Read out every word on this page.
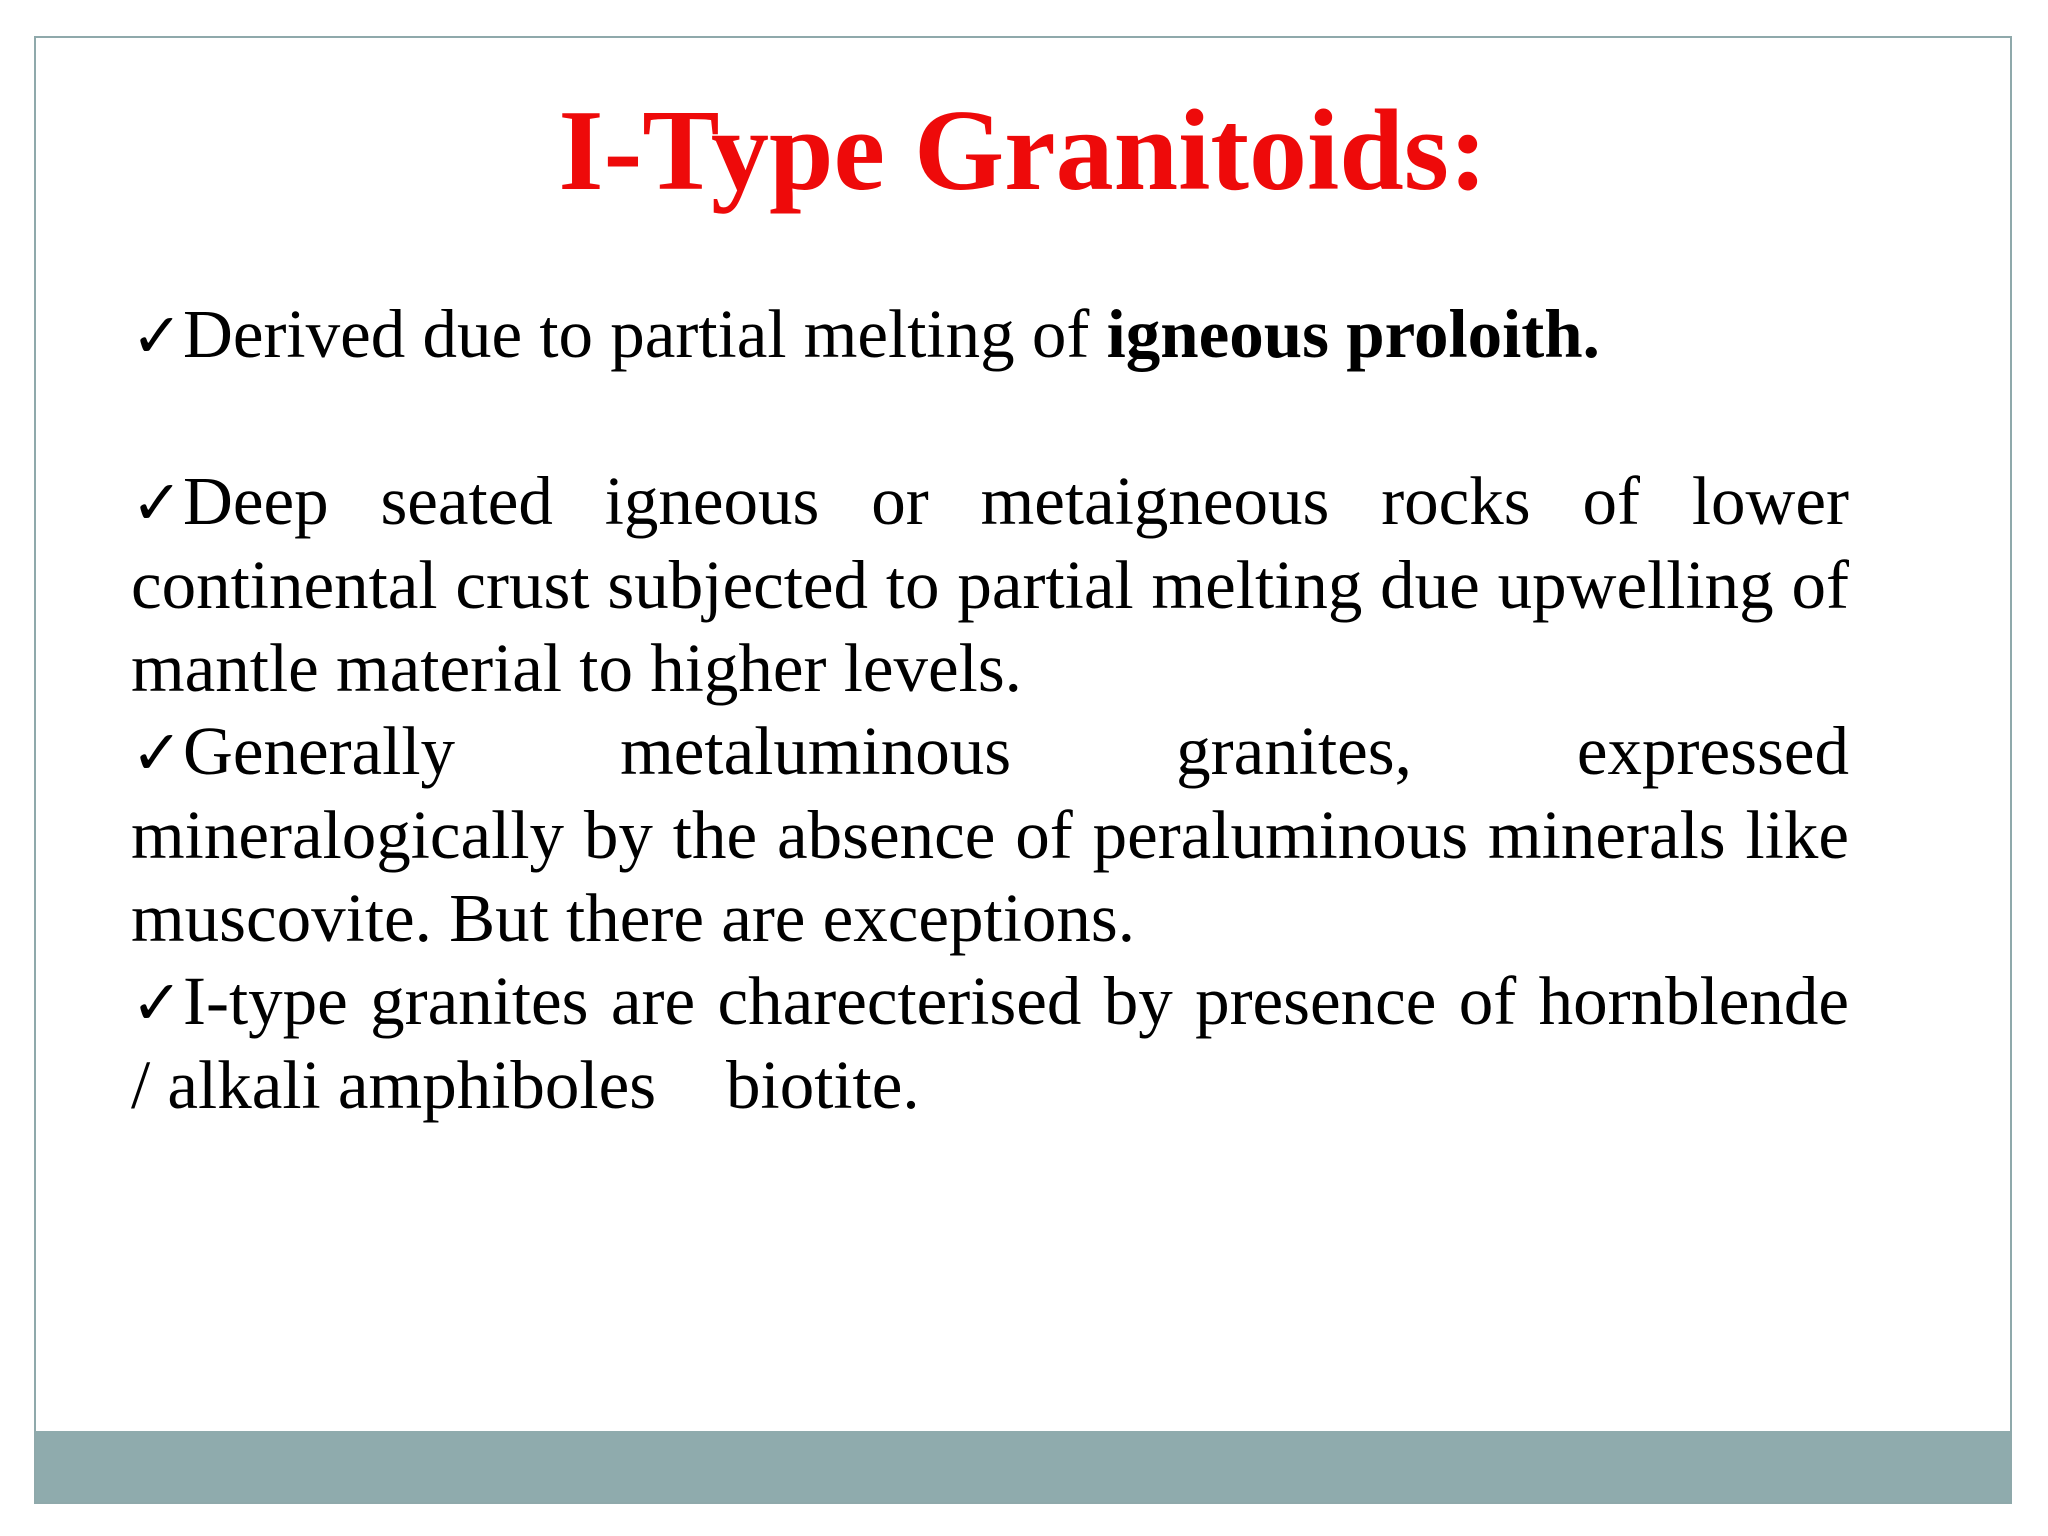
I-Type Granitoids:

✓Derived due to partial melting of igneous proloith.

✓Deep seated igneous or metaigneous rocks of lower continental crust subjected to partial melting due upwelling of mantle material to higher levels.

✓Generally metaluminous granites, expressed mineralogically by the absence of peraluminous minerals like muscovite. But there are exceptions.

✓I-type granites are charecterised by presence of hornblende / alkali amphiboles biotite.
